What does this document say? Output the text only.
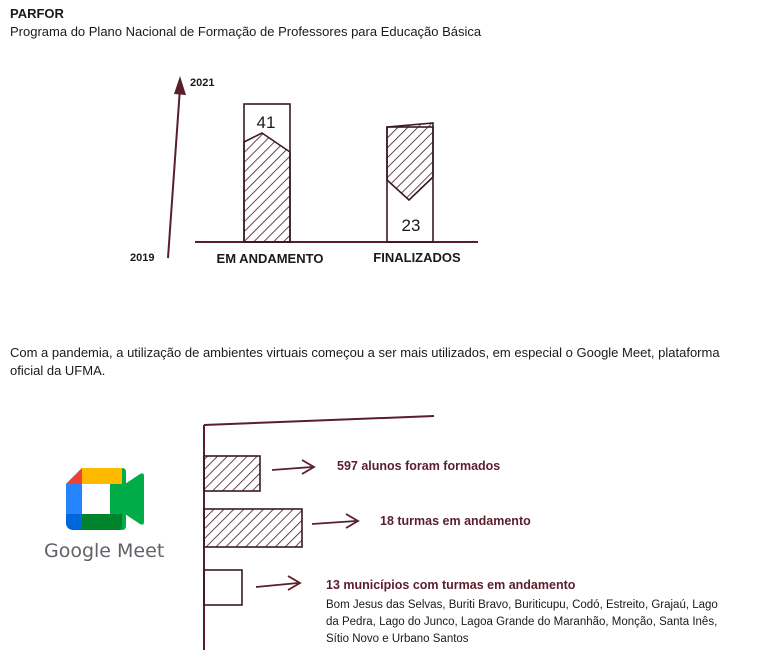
PARFOR
Programa do Plano Nacional de Formação de Professores para Educação Básica
2021
2019
41
23
EM ANDAMENTO	FINALIZADOS
597 alunos foram formados
18 turmas em andamento
13 municípios com turmas em andamento
Google Meet
Com a pandemia, a utilização de ambientes virtuais começou a ser mais utilizados, em especial o Google Meet, plataforma oficial da UFMA.
Bom Jesus das Selvas, Buriti Bravo, Buriticupu, Codó, Estreito, Grajaú, Lago da Pedra, Lago do Junco, Lagoa Grande do Maranhão, Monção, Santa Inês, Sítio Novo e Urbano Santos
